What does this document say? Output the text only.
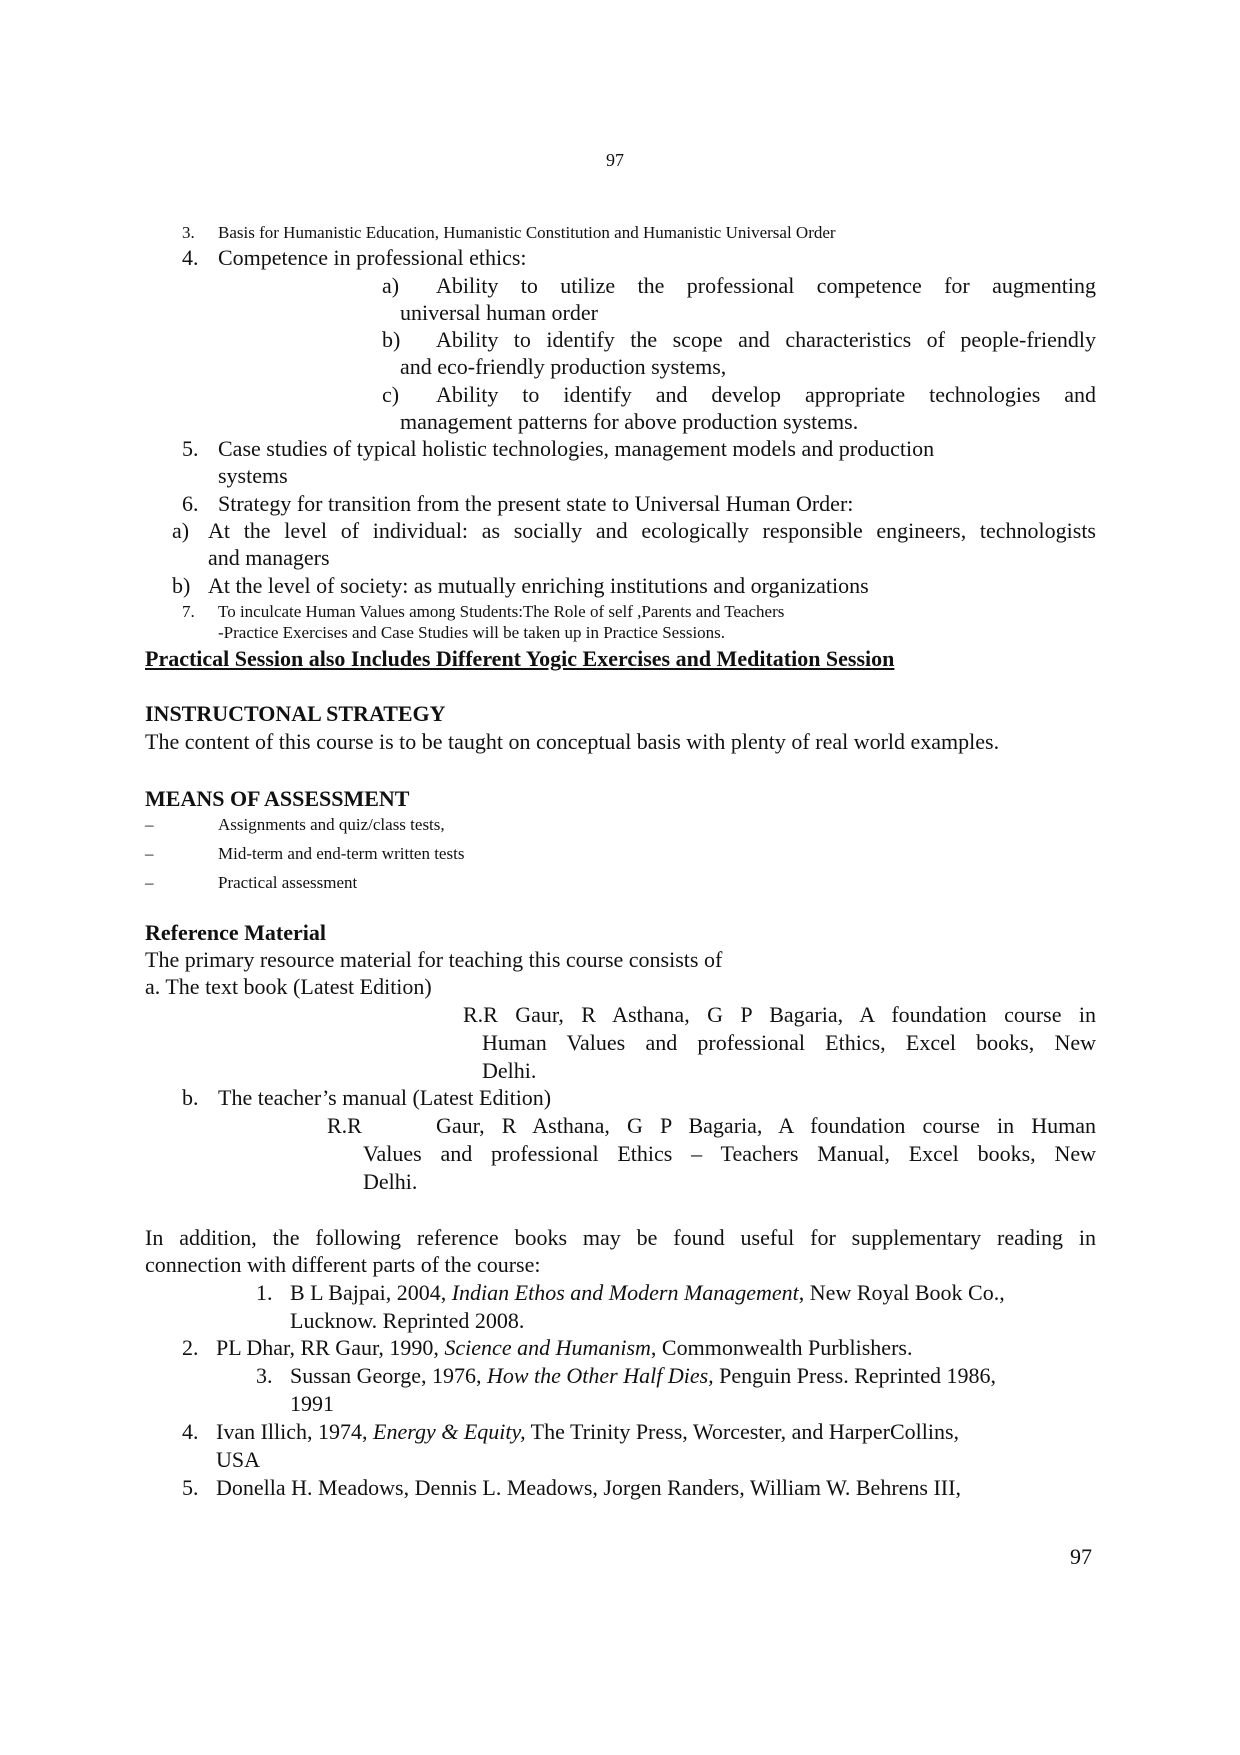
97
3. Basis for Humanistic Education, Humanistic Constitution and Humanistic Universal Order
4. Competence in professional ethics:
a) Ability to utilize the professional competence for augmenting
universal human order
b) Ability to identify the scope and characteristics of people-friendly
and eco-friendly production systems,
c) Ability to identify and develop appropriate technologies and
management patterns for above production systems.
5. Case studies of typical holistic technologies, management models and production
systems
6. Strategy for transition from the present state to Universal Human Order:
a) At the level of individual: as socially and ecologically responsible engineers, technologists
and managers
b) At the level of society: as mutually enriching institutions and organizations
7. To inculcate Human Values among Students:The Role of self ,Parents and Teachers
-Practice Exercises and Case Studies will be taken up in Practice Sessions.
Practical Session also Includes Different Yogic Exercises and Meditation Session
INSTRUCTONAL STRATEGY
The content of this course is to be taught on conceptual basis with plenty of real world examples.
MEANS OF ASSESSMENT
–	Assignments and quiz/class tests,
–	Mid-term and end-term written tests
–	Practical assessment
Reference Material
The primary resource material for teaching this course consists of
a. The text book (Latest Edition)
R.R Gaur, R Asthana, G P Bagaria, A foundation course in
Human Values and professional Ethics, Excel books, New
Delhi.
b. The teacher’s manual (Latest Edition)
R.R	Gaur, R Asthana, G P Bagaria, A foundation course in Human
Values and professional Ethics – Teachers Manual, Excel books, New
Delhi.
In addition, the following reference books may be found useful for supplementary reading in
connection with different parts of the course:
1. B L Bajpai, 2004, Indian Ethos and Modern Management, New Royal Book Co.,
Lucknow. Reprinted 2008.
2. PL Dhar, RR Gaur, 1990, Science and Humanism, Commonwealth Purblishers.
3. Sussan George, 1976, How the Other Half Dies, Penguin Press. Reprinted 1986,
1991
4. Ivan Illich, 1974, Energy & Equity, The Trinity Press, Worcester, and HarperCollins,
USA
5. Donella H. Meadows, Dennis L. Meadows, Jorgen Randers, William W. Behrens III,
97
